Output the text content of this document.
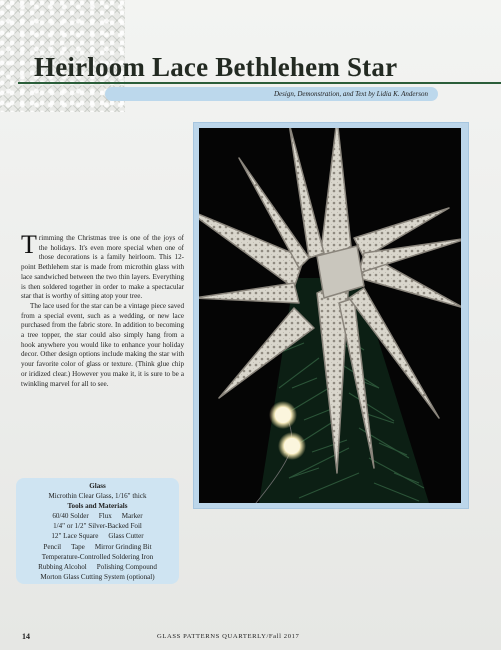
Heirloom Lace Bethlehem Star
Design, Demonstration, and Text by Lidia K. Anderson

Trimming the Christmas tree is one of the joys of the holidays. It's even more special when one of those decorations is a family heirloom. This 12-point Bethlehem star is made from microthin glass with lace sandwiched between the two thin layers. Everything is then soldered together in order to make a spectacular star that is worthy of sitting atop your tree.

The lace used for the star can be a vintage piece saved from a special event, such as a wedding, or new lace purchased from the fabric store. In addition to becoming a tree topper, the star could also simply hang from a hook anywhere you would like to enhance your holiday decor. Other design options include making the star with your favorite color of glass or texture. (Think glue chip or iridized clear.) However you make it, it is sure to be a twinkling marvel for all to see.

Glass
Microthin Clear Glass, 1/16" thick
Tools and Materials
60/40 Solder Flux Marker
1/4" or 1/2" Silver-Backed Foil
12" Lace Square Glass Cutter
Pencil Tape Mirror Grinding Bit
Temperature-Controlled Soldering Iron
Rubbing Alcohol Polishing Compound
Morton Glass Cutting System (optional)
14	GLASS PATTERNS QUARTERLY/Fall 2017
